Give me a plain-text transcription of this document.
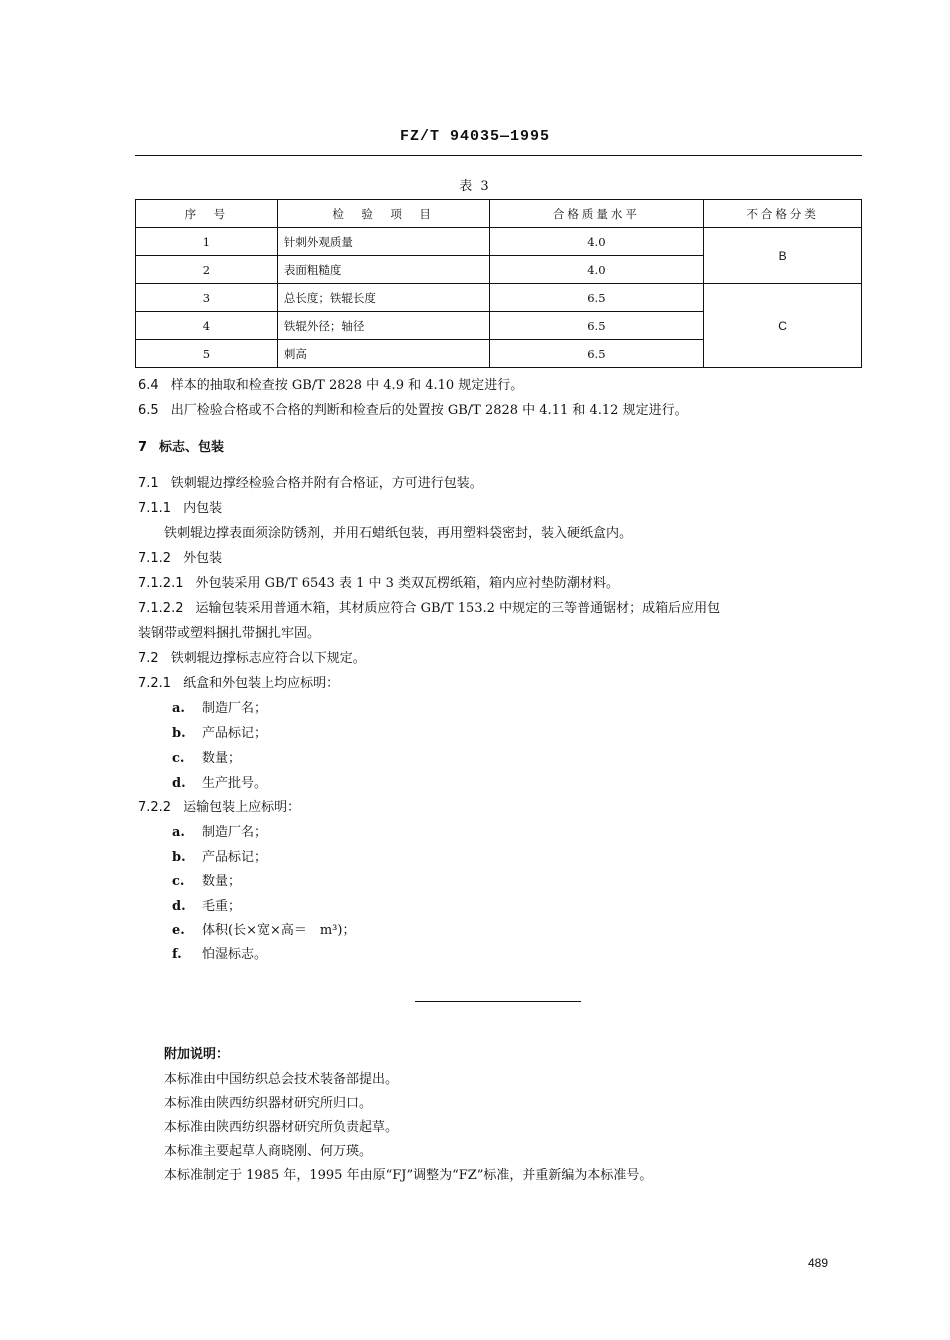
FZ/T 94035—1995
表 3
序　号	检　验　项　目	合格质量水平	不合格分类
1	针刺外观质量	4.0	B
2	表面粗糙度	4.0	
3	总长度；铁辊长度	6.5	C
4	铁辊外径；轴径	6.5	
5	刺高	6.5	
6.4 样本的抽取和检查按 GB/T 2828 中 4.9 和 4.10 规定进行。
6.5 出厂检验合格或不合格的判断和检查后的处置按 GB/T 2828 中 4.11 和 4.12 规定进行。
7 标志、包装
7.1 铁刺辊边撑经检验合格并附有合格证，方可进行包装。
7.1.1 内包装
铁刺辊边撑表面须涂防锈剂，并用石蜡纸包装，再用塑料袋密封，装入硬纸盒内。
7.1.2 外包装
7.1.2.1 外包装采用 GB/T 6543 表 1 中 3 类双瓦楞纸箱，箱内应衬垫防潮材料。
7.1.2.2 运输包装采用普通木箱，其材质应符合 GB/T 153.2 中规定的三等普通锯材；成箱后应用包
装钢带或塑料捆扎带捆扎牢固。
7.2 铁刺辊边撑标志应符合以下规定。
7.2.1 纸盒和外包装上均应标明：
a. 制造厂名；
b. 产品标记；
c. 数量；
d. 生产批号。
7.2.2 运输包装上应标明：
a. 制造厂名；
b. 产品标记；
c. 数量；
d. 毛重；
e. 体积(长×宽×高＝　m³)；
f. 怕湿标志。
附加说明：
本标准由中国纺织总会技术装备部提出。
本标准由陕西纺织器材研究所归口。
本标准由陕西纺织器材研究所负责起草。
本标准主要起草人商晓刚、何万瑛。
本标准制定于 1985 年，1995 年由原“FJ”调整为“FZ”标准，并重新编为本标准号。
489
